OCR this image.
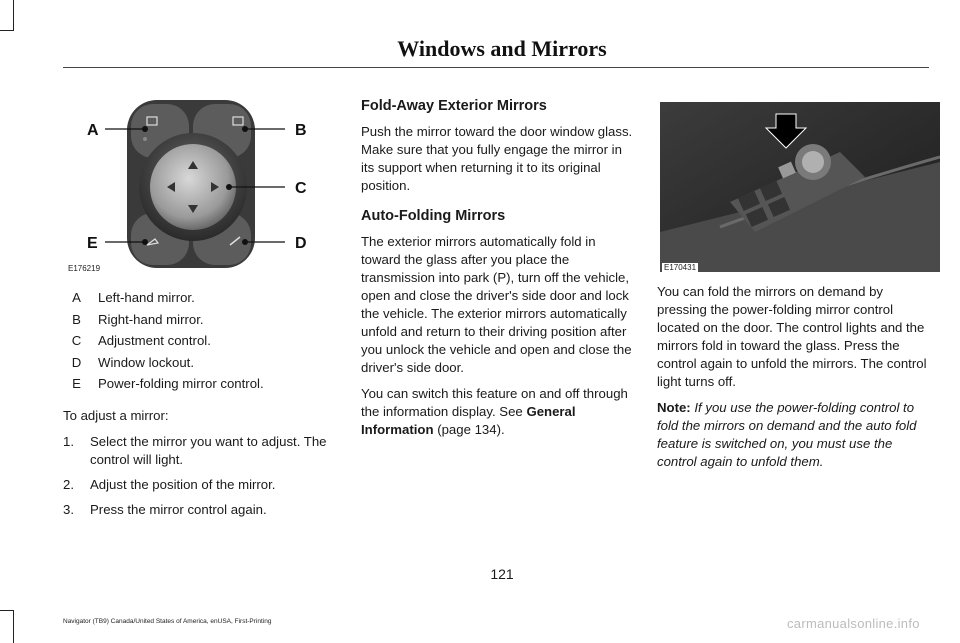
Windows and Mirrors
A	B
C
D
E
E176219
A	Left-hand mirror.
B	Right-hand mirror.
C	Adjustment control.
D	Window lockout.
E	Power-folding mirror control.

To adjust a mirror:

1.	Select the mirror you want to adjust. The control will light.
2.	Adjust the position of the mirror.
3.	Press the mirror control again.
Fold-Away Exterior Mirrors

Push the mirror toward the door window glass. Make sure that you fully engage the mirror in its support when returning it to its original position.

Auto-Folding Mirrors

The exterior mirrors automatically fold in toward the glass after you place the transmission into park (P), turn off the vehicle, open and close the driver's side door and lock the vehicle. The exterior mirrors automatically unfold and return to their driving position after you unlock the vehicle and open and close the driver's side door.

You can switch this feature on and off through the information display. See General Information (page 134).

E170431

You can fold the mirrors on demand by pressing the power-folding mirror control located on the door. The control lights and the mirrors fold in toward the glass. Press the control again to unfold the mirrors. The control light turns off.

Note: If you use the power-folding control to fold the mirrors on demand and the auto fold feature is switched on, you must use the control again to unfold them.

121
Navigator (TB9) Canada/United States of America, enUSA, First-Printing	carmanualsonline.info
